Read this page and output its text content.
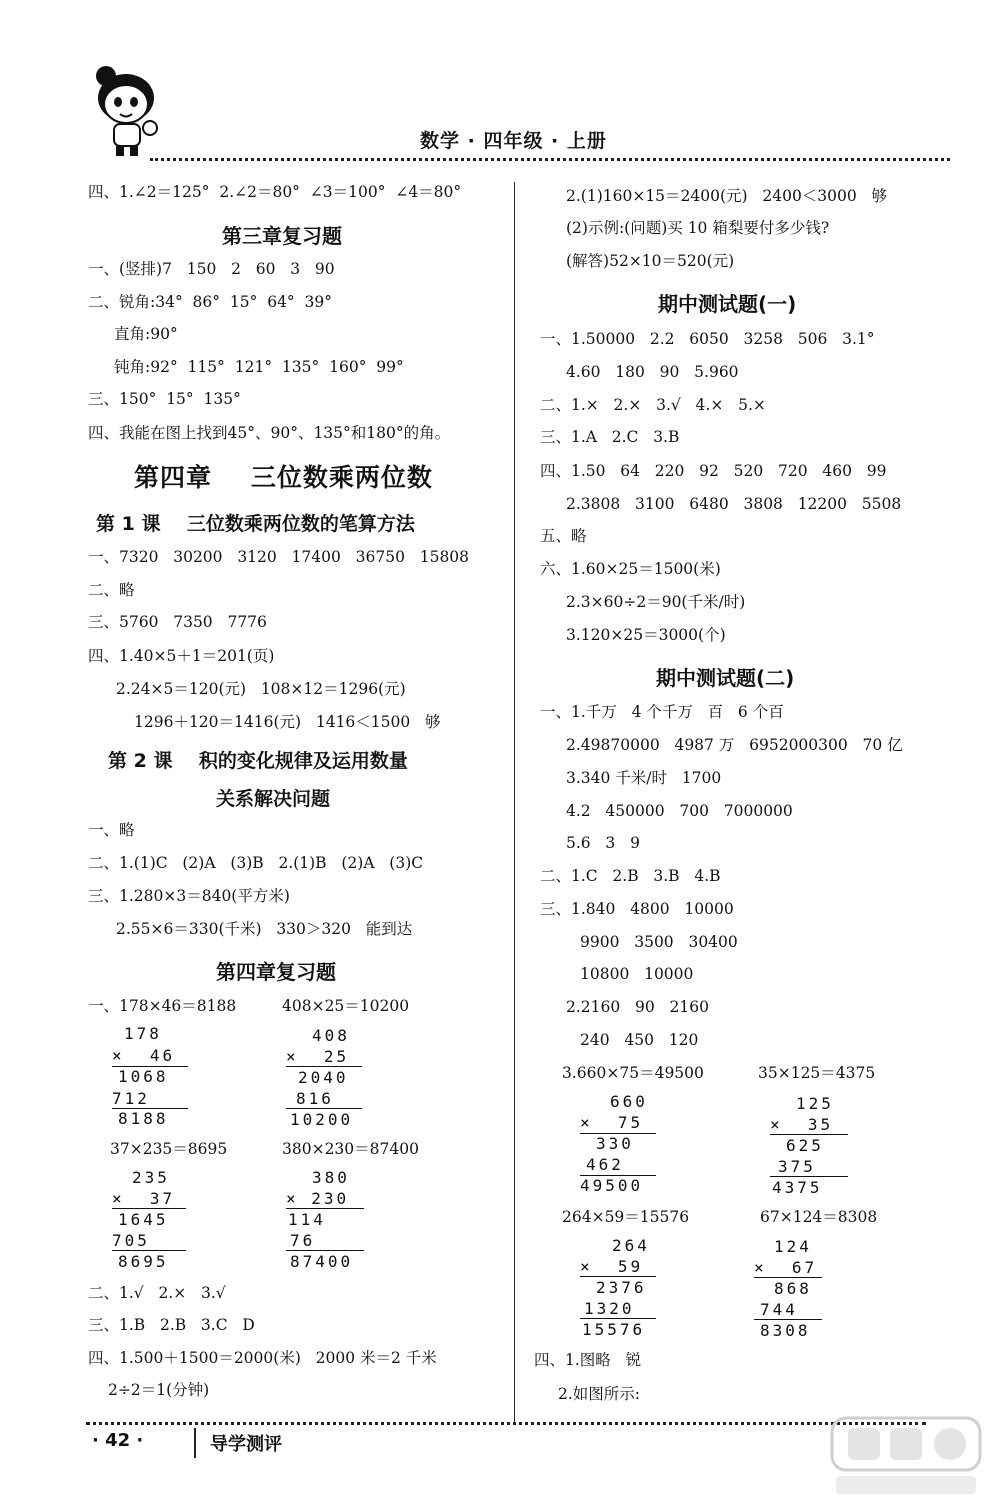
数学 · 四年级 · 上册
四、1.∠2＝125°  2.∠2＝80°  ∠3＝100°  ∠4＝80°
第三章复习题
一、(竖排)7   150   2   60   3   90
二、锐角:34°  86°  15°  64°  39°
直角:90°
钝角:92°  115°  121°  135°  160°  99°
三、150°  15°  135°
四、我能在图上找到45°、90°、135°和180°的角。
第四章    三位数乘两位数
第 1 课    三位数乘两位数的笔算方法
一、7320   30200   3120   17400   36750   15808
二、略
三、5760   7350   7776
四、1.40×5＋1＝201(页)
2.24×5＝120(元)   108×12＝1296(元)
1296＋120＝1416(元)   1416＜1500   够
第 2 课    积的变化规律及运用数量
关系解决问题
一、略
二、1.(1)C   (2)A   (3)B   2.(1)B   (2)A   (3)C
三、1.280×3＝840(平方米)
2.55×6＝330(千米)   330＞320   能到达
第四章复习题
一、178×46＝8188	408×25＝10200
178
×  46
1068
712
8188
408
×  25
2040
816
10200
37×235＝8695	380×230＝87400
235
×  37
1645
705
8695
380
× 230
114
76
87400
二、1.√   2.×   3.√
三、1.B   2.B   3.C   D
四、1.500＋1500＝2000(米)   2000 米＝2 千米
2÷2＝1(分钟)
2.(1)160×15＝2400(元)   2400＜3000   够
(2)示例:(问题)买 10 箱梨要付多少钱?
(解答)52×10＝520(元)
期中测试题(一)
一、1.50000   2.2   6050   3258   506   3.1°
4.60   180   90   5.960
二、1.×   2.×   3.√   4.×   5.×
三、1.A   2.C   3.B
四、1.50   64   220   92   520   720   460   99
2.3808   3100   6480   3808   12200   5508
五、略
六、1.60×25＝1500(米)
2.3×60÷2＝90(千米/时)
3.120×25＝3000(个)
期中测试题(二)
一、1.千万   4 个千万   百   6 个百
2.49870000   4987 万   6952000300   70 亿
3.340 千米/时   1700
4.2   450000   700   7000000
5.6   3   9
二、1.C   2.B   3.B   4.B
三、1.840   4800   10000
9900   3500   30400
10800   10000
2.2160   90   2160
240   450   120
3.660×75＝49500	35×125＝4375
660
×  75
330
462
49500
125
×  35
625
375
4375
264×59＝15576	67×124＝8308
264
×  59
2376
1320
15576
124
×  67
868
744
8308
四、1.图略   锐
2.如图所示:
· 42 ·	导学测评
